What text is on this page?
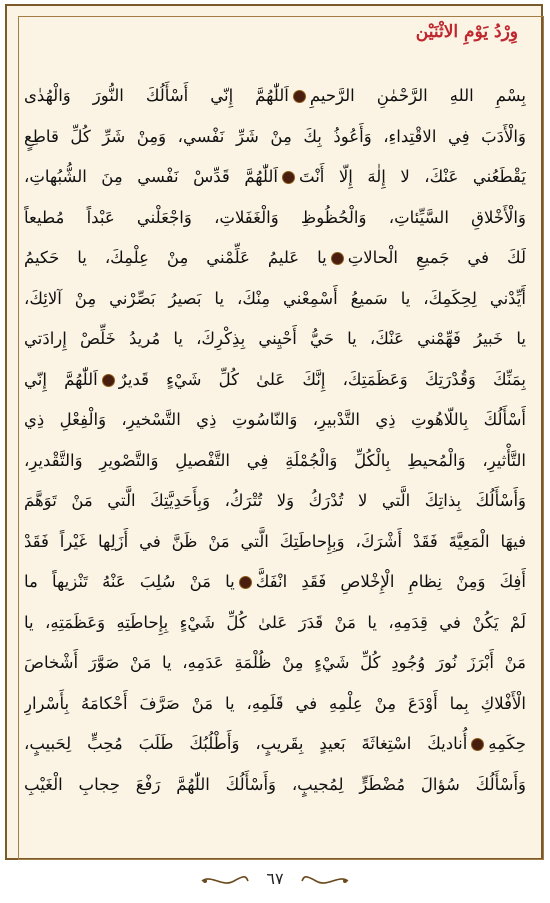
وِرْدُ يَوْمِ الاثْنَيْن
بِسْمِ اللهِ الرَّحْمٰنِ الرَّحيمِاَللّٰهُمَّ إِنّي أَسْأَلُكَ النُّورَ وَالْهُدٰى
وَالْأَدَبَ فِي الاقْتِداءِ، وَأَعُوذُ بِكَ مِنْ شَرِّ نَفْسي، وَمِنْ شَرِّ كُلِّ قاطِعٍ
يَقْطَعُني عَنْكَ، لا إِلٰهَ إِلّا أَنْتَاَللّٰهُمَّ قَدِّسْ نَفْسي مِنَ الشُّبُهاتِ،
وَالْأَخْلاقِ السَّيِّئاتِ، وَالْحُظُوظِ وَالْغَفَلاتِ، وَاجْعَلْني عَبْداً مُطيعاً
لَكَ في جَميعِ الْحالاتِيا عَليمُ عَلِّمْني مِنْ عِلْمِكَ، يا حَكيمُ
أَيِّدْني لِحِكَمِكَ، يا سَميعُ أَسْمِعْني مِنْكَ، يا بَصيرُ بَصِّرْني مِنْ آلائِكَ،
يا خَبيرُ فَهِّمْني عَنْكَ، يا حَيُّ أَحْيِني بِذِكْرِكَ، يا مُريدُ خَلِّصْ إِرادَتي
بِمَنِّكَ وَقُدْرَتِكَ وَعَظَمَتِكَ، إِنَّكَ عَلىٰ كُلِّ شَيْءٍ قَديرٌاَللّٰهُمَّ إِنّي
أَسْأَلُكَ بِاللّاهُوتِ ذِي التَّدْبيرِ، وَالنّاسُوتِ ذِي التَّسْخيرِ، وَالْفِعْلِ ذِي
التَّأْثيرِ، وَالْمُحيطِ بِالْكُلِّ وَالْجُمْلَةِ فِي التَّفْصيلِ وَالتَّصْويرِ وَالتَّقْديرِ،
وَأَسْأَلُكَ بِذاتِكَ الَّتي لا تُدْرَكُ وَلا تُتْرَكُ، وَبِأَحَدِيَّتِكَ الَّتي مَنْ تَوَهَّمَ
فيهَا الْمَعِيَّةَ فَقَدْ أَشْرَكَ، وَبِإِحاطَتِكَ الَّتي مَنْ ظَنَّ في أَزَلِها غَيْراً فَقَدْ
أَفِكَ وَمِنْ نِظامِ الْإِخْلاصِ فَقَدِ انْفَكَّيا مَنْ سُلِبَ عَنْهُ تَنْزيهاً ما
لَمْ يَكُنْ في قِدَمِهِ، يا مَنْ قَدَرَ عَلىٰ كُلِّ شَيْءٍ بِإِحاطَتِهِ وَعَظَمَتِهِ، يا
مَنْ أَبْرَزَ نُورَ وُجُودِ كُلِّ شَيْءٍ مِنْ ظُلْمَةِ عَدَمِهِ، يا مَنْ صَوَّرَ أَشْخاصَ
الْأَفْلاكِ بِما أَوْدَعَ مِنْ عِلْمِهِ في قَلَمِهِ، يا مَنْ صَرَّفَ أَحْكامَهُ بِأَسْرارِ
حِكَمِهِأُناديكَ اسْتِغاثَةَ بَعيدٍ بِقَريبٍ، وَأَطْلُبُكَ طَلَبَ مُحِبٍّ لِحَبيبٍ،
وَأَسْأَلُكَ سُؤالَ مُضْطَرٍّ لِمُجيبٍ، وَأَسْأَلُكَ اللّٰهُمَّ رَفْعَ حِجابِ الْغَيْبِ
٦٧
